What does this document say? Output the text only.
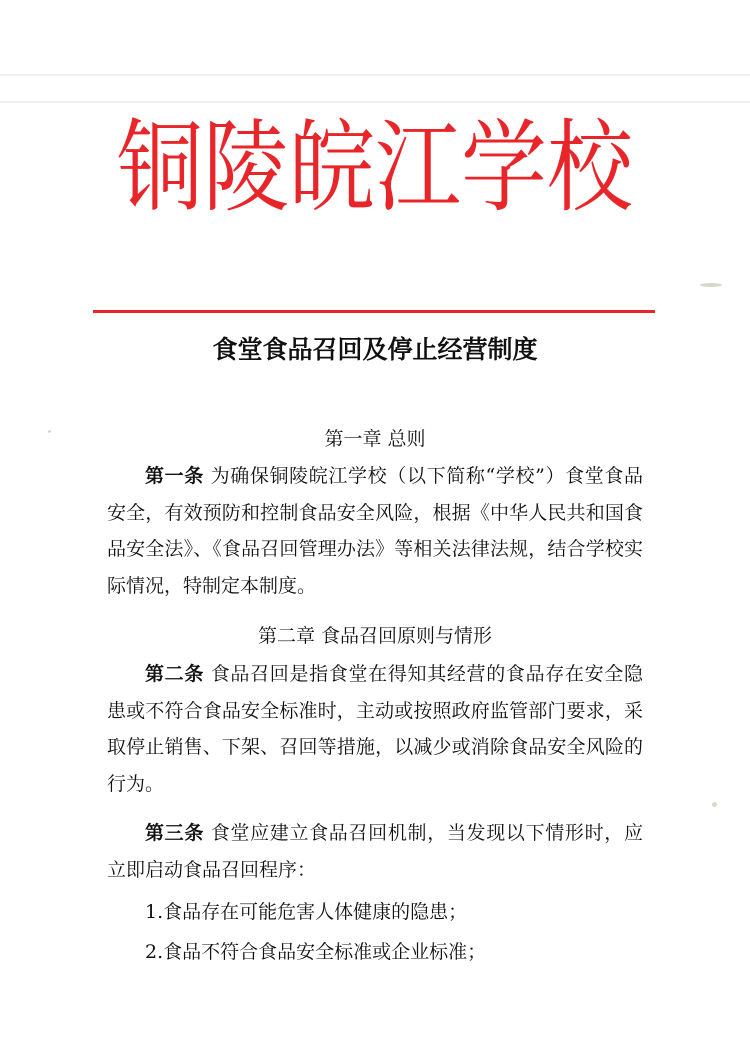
铜陵皖江学校
食堂食品召回及停止经营制度
第一章 总则

第一条 为确保铜陵皖江学校（以下简称“学校”）食堂食品安全，有效预防和控制食品安全风险，根据《中华人民共和国食品安全法》、《食品召回管理办法》等相关法律法规，结合学校实际情况，特制定本制度。

第二章 食品召回原则与情形

第二条 食品召回是指食堂在得知其经营的食品存在安全隐患或不符合食品安全标准时，主动或按照政府监管部门要求，采取停止销售、下架、召回等措施，以减少或消除食品安全风险的行为。

第三条 食堂应建立食品召回机制，当发现以下情形时，应立即启动食品召回程序：

1.食品存在可能危害人体健康的隐患；
2.食品不符合食品安全标准或企业标准；
